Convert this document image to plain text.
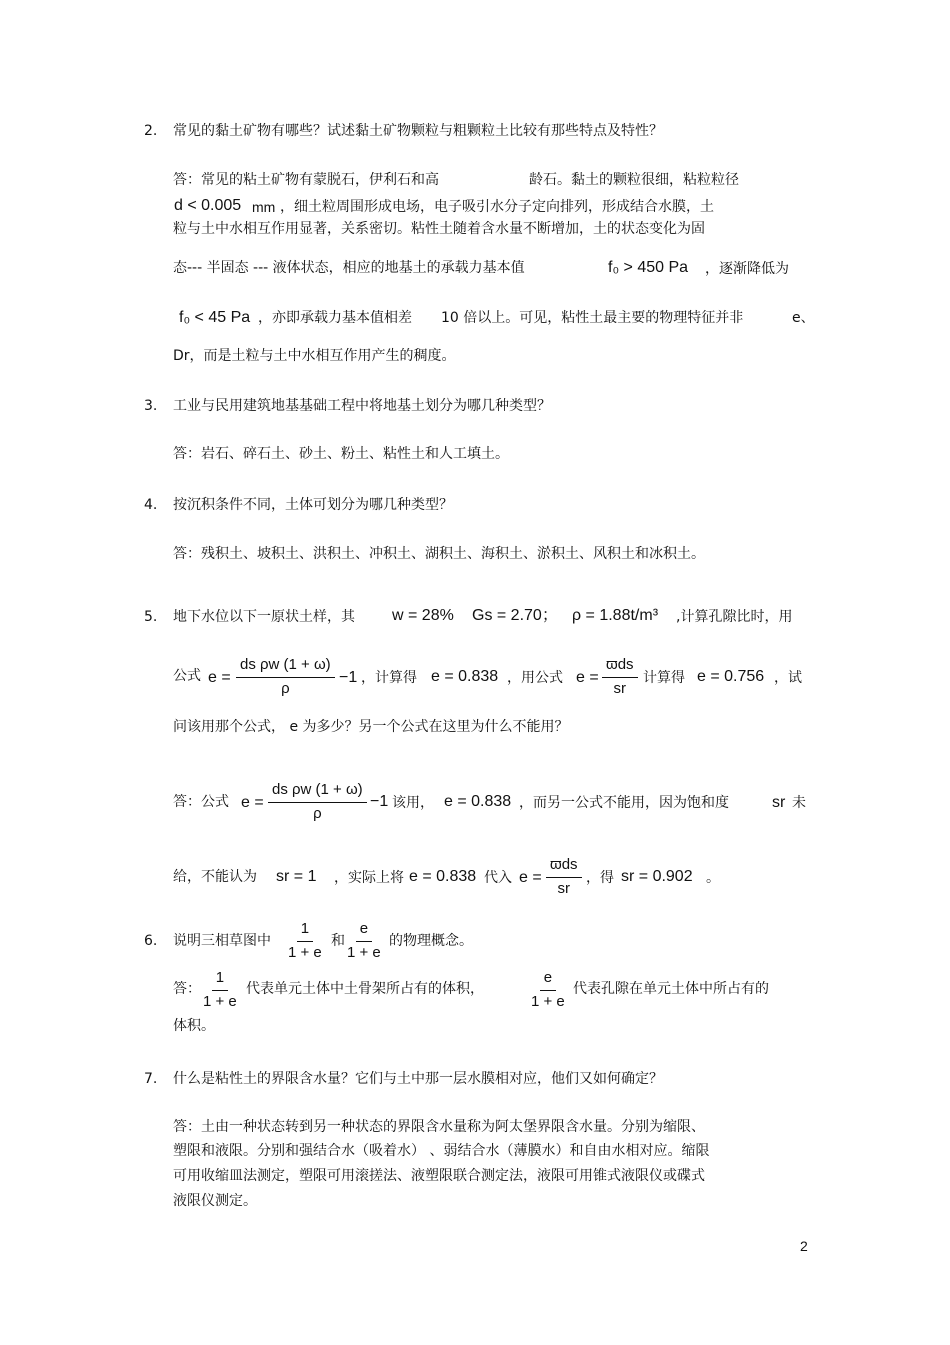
2. 常见的黏土矿物有哪些？试述黏土矿物颗粒与粗颗粒土比较有那些特点及特性？
答：常见的粘土矿物有蒙脱石，伊利石和高	龄石。黏土的颗粒很细，粘粒粒径
d < 0.005 mm ，细土粒周围形成电场，电子吸引水分子定向排列，形成结合水膜，土
粒与土中水相互作用显著，关系密切。粘性土随着含水量不断增加，土的状态变化为固
态--- 半固态 --- 液体状态，相应的地基土的承载力基本值	f₀ > 450 Pa ，逐渐降低为
f₀ < 45 Pa ，亦即承载力基本值相差 10 倍以上。可见，粘性土最主要的物理特征并非	e、
Dr，而是土粒与土中水相互作用产生的稠度。
3. 工业与民用建筑地基基础工程中将地基土划分为哪几种类型？
答：岩石、碎石土、砂土、粉土、粘性土和人工填土。
4. 按沉积条件不同，土体可划分为哪几种类型？
答：残积土、坡积土、洪积土、冲积土、湖积土、海积土、淤积土、风积土和冰积土。
5. 地下水位以下一原状土样，其 w = 28% Gs = 2.70； ρ = 1.88t/m³ ,计算孔隙比时，用
公式 $e = \frac{\text{ds ρw (1 + ω)}}{\rho} -1$ ，计算得 e = 0.838 ，用公式 e =
ϖds
sr
计算得 e = 0.756 ，试
问该用那个公式， e 为多少？另一个公式在这里为什么不能用？
答：公式 $e = \frac{\text{ds ρw (1 + ω)}}{\rho} -1$ 该用， e = 0.838 ，而另一公式不能用，因为饱和度	sr 未
给，不能认为 sr = 1 ，实际上将 e = 0.838 代入 e =
ϖds
sr
，得 sr = 0.902 。
6. 说明三相草图中 $\frac{1}{1 + e}$ 和 $\frac{e}{1 + e}$ 的物理概念。
答： $\frac{1}{1 + e}$ 代表单元土体中土骨架所占有的体积，	$\frac{e}{1 + e}$ 代表孔隙在单元土体中所占有的
体积。
7. 什么是粘性土的界限含水量？它们与土中那一层水膜相对应，他们又如何确定？
答：土由一种状态转到另一种状态的界限含水量称为阿太堡界限含水量。分别为缩限、
塑限和液限。分别和强结合水（吸着水） 、弱结合水（薄膜水）和自由水相对应。缩限
可用收缩皿法测定，塑限可用滚搓法、液塑限联合测定法，液限可用锥式液限仪或碟式
液限仪测定。
2
